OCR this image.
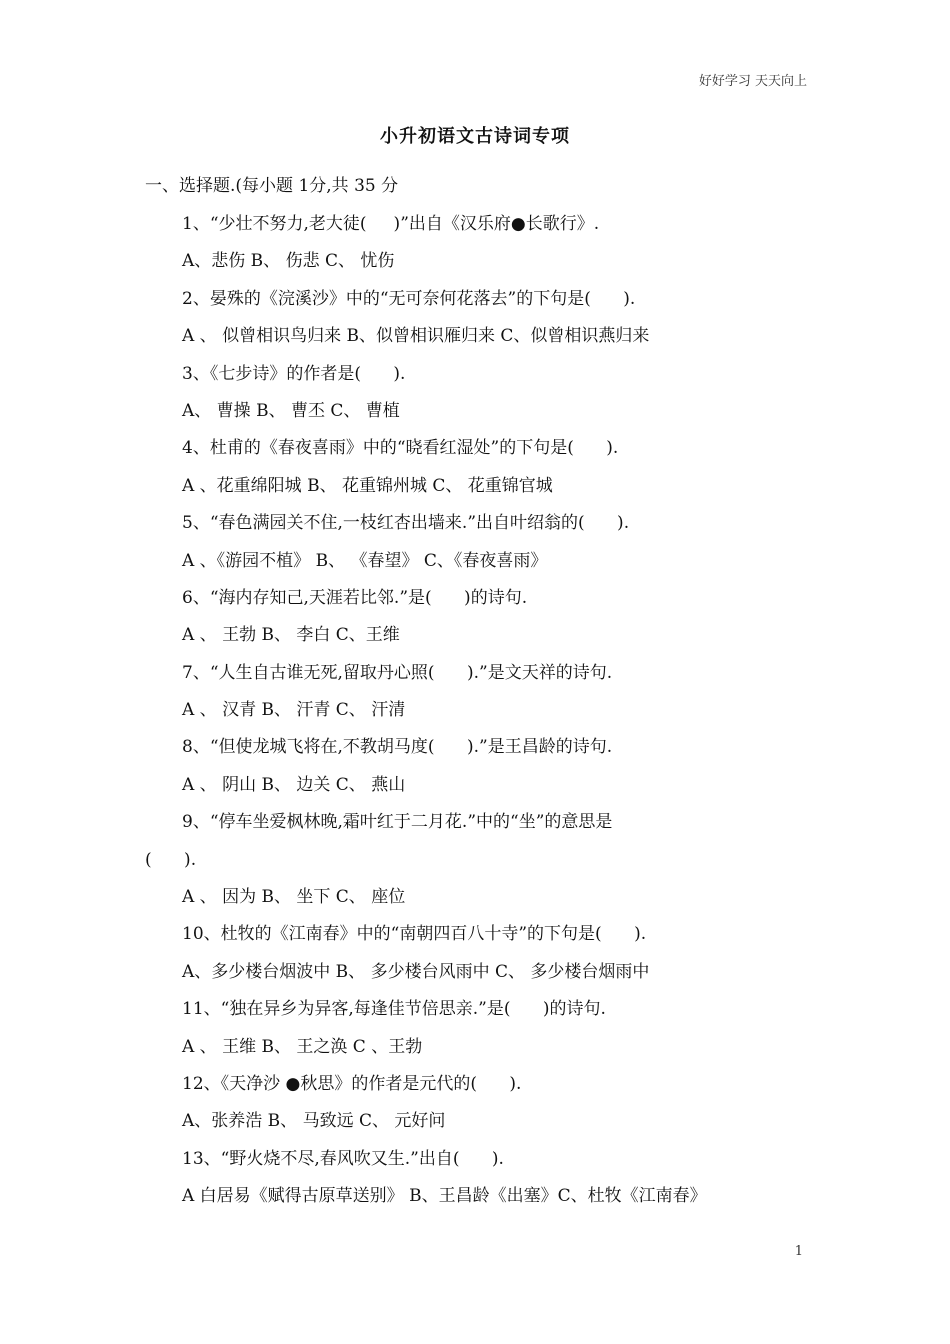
好好学习 天天向上
小升初语文古诗词专项
一、选择题.(每小题 1分,共 35 分
1、“少壮不努力,老大徒(     )”出自《汉乐府●长歌行》.
A、悲伤 B、 伤悲 C、 忧伤
2、晏殊的《浣溪沙》中的“无可奈何花落去”的下句是(      ).
A 、 似曾相识鸟归来 B、似曾相识雁归来 C、似曾相识燕归来
3、《七步诗》的作者是(      ).
A、 曹操 B、 曹丕 C、 曹植
4、杜甫的《春夜喜雨》中的“晓看红湿处”的下句是(      ).
A 、花重绵阳城 B、 花重锦州城 C、 花重锦官城
5、“春色满园关不住,一枝红杏出墙来.”出自叶绍翁的(      ).
A 、《游园不植》 B、 《春望》 C、《春夜喜雨》
6、“海内存知己,天涯若比邻.”是(      )的诗句.
A 、 王勃 B、 李白 C、王维
7、“人生自古谁无死,留取丹心照(      ).”是文天祥的诗句.
A 、 汉青 B、 汗青 C、 汗清
8、“但使龙城飞将在,不教胡马度(      ).”是王昌龄的诗句.
A 、 阴山 B、 边关 C、 燕山
9、“停车坐爱枫林晚,霜叶红于二月花.”中的“坐”的意思是
(      ).
A 、 因为 B、 坐下 C、 座位
10、杜牧的《江南春》中的“南朝四百八十寺”的下句是(      ).
A、多少楼台烟波中 B、 多少楼台风雨中 C、 多少楼台烟雨中
11、“独在异乡为异客,每逢佳节倍思亲.”是(      )的诗句.
A 、 王维 B、 王之涣 C 、王勃
12、《天净沙 ●秋思》的作者是元代的(      ).
A、张养浩 B、 马致远 C、 元好问
13、“野火烧不尽,春风吹又生.”出自(      ).
A 白居易《赋得古原草送别》 B、王昌龄《出塞》C、杜牧《江南春》
1
